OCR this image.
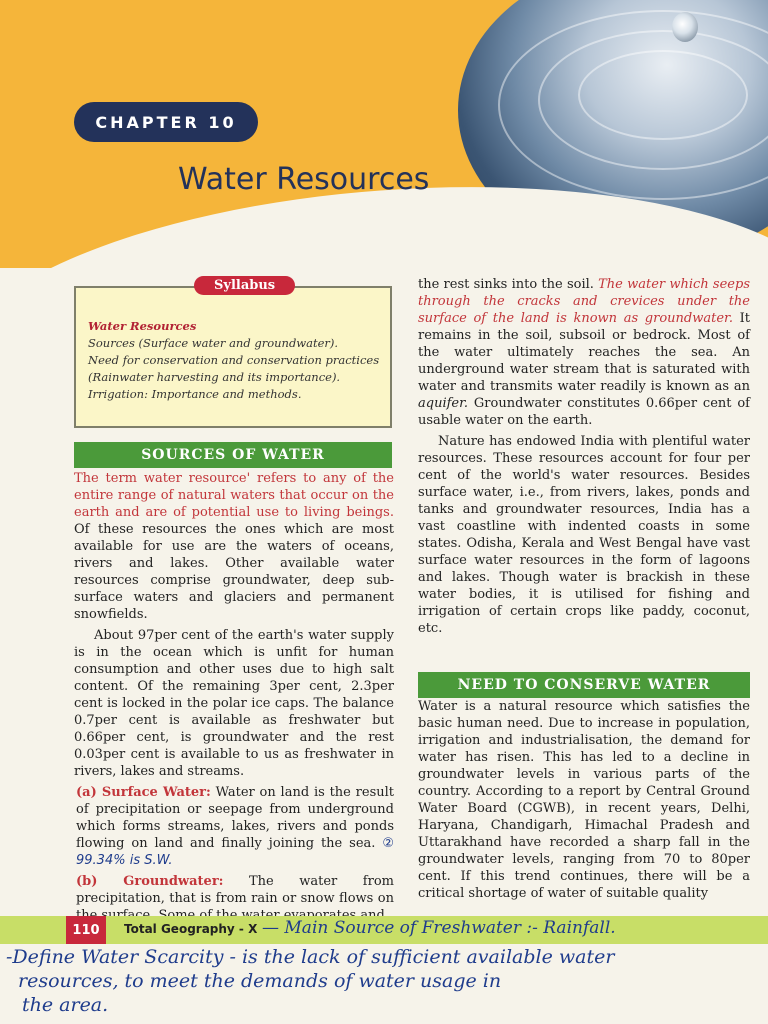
CHAPTER 10
Water Resources
Syllabus
Water Resources
Sources (Surface water and groundwater).
Need for conservation and conservation practices (Rainwater harvesting and its importance).
Irrigation: Importance and methods.
SOURCES OF WATER

The term water resource' refers to any of the entire range of natural waters that occur on the earth and are of potential use to living beings. Of these resources the ones which are most available for use are the waters of oceans, rivers and lakes. Other available water resources comprise groundwater, deep sub-surface waters and glaciers and permanent snowfields.

About 97per cent of the earth's water supply is in the ocean which is unfit for human consumption and other uses due to high salt content. Of the remaining 3per cent, 2.3per cent is locked in the polar ice caps. The balance 0.7per cent is available as freshwater but 0.66per cent, is groundwater and the rest 0.03per cent is available to us as freshwater in rivers, lakes and streams.

(a) Surface Water: Water on land is the result of precipitation or seepage from underground which forms streams, lakes, rivers and ponds flowing on land and finally joining the sea. ② 99.34% is S.W.

(b) Groundwater: The water from precipitation, that is from rain or snow flows on

the rest sinks into the soil. The water which seeps through the cracks and crevices under the surface of the land is known as groundwater. It remains in the soil, subsoil or bedrock. Most of the water ultimately reaches the sea. An underground water stream that is saturated with water and transmits water readily is known as an aquifer. Groundwater constitutes 0.66per cent of usable water on the earth.

Nature has endowed India with plentiful water resources. These resources account for four per cent of the world's water resources. Besides surface water, i.e., from rivers, lakes, ponds and tanks and groundwater resources, India has a vast coastline with indented coasts in some states. Odisha, Kerala and West Bengal have vast surface water resources in the form of lagoons and lakes. Though water is brackish in these water bodies, it is utilised for fishing and irrigation of certain crops like paddy, coconut, etc.

NEED TO CONSERVE WATER

Water is a natural resource which satisfies the basic human need. Due to increase in population, irrigation and industrialisation, the demand for water has risen. This has led to a decline in groundwater levels in various parts of the country. According to a report by Central Ground Water Board (CGWB), in recent years, Delhi, Haryana, Chandigarh, Himachal Pradesh and Uttarakhand have recorded a sharp fall in the groundwater levels, ranging from 70 to 80per cent. If this trend continues, there will be a critical shortage of water of suitable quality

110	Total Geography - X — Main Source of Freshwater :- Rainfall.
-Define Water Scarcity - is the lack of sufficient available water
resources, to meet the demands of water usage in
the area.
